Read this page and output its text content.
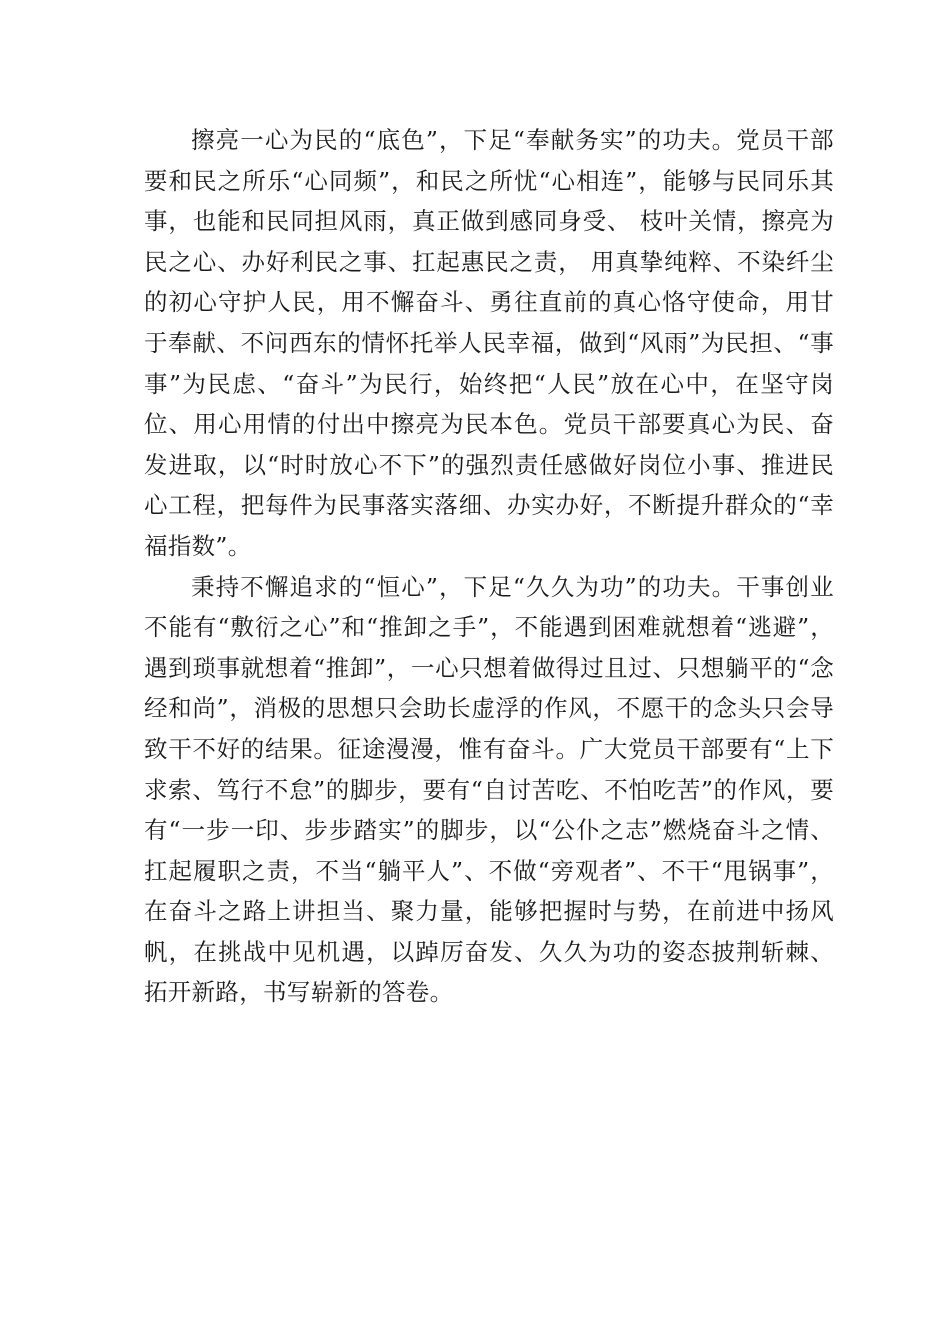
擦亮一心为民的“底色”，下足“奉献务实”的功夫。党员干部要和民之所乐“心同频”，和民之所忧“心相连”，能够与民同乐其事，也能和民同担风雨，真正做到感同身受、 枝叶关情，擦亮为民之心、办好利民之事、扛起惠民之责， 用真挚纯粹、不染纤尘的初心守护人民，用不懈奋斗、勇往直前的真心恪守使命，用甘于奉献、不问西东的情怀托举人民幸福，做到“风雨”为民担、“事事”为民虑、“奋斗”为民行，始终把“人民”放在心中，在坚守岗位、用心用情的付出中擦亮为民本色。党员干部要真心为民、奋发进取，以“时时放心不下”的强烈责任感做好岗位小事、推进民心工程，把每件为民事落实落细、办实办好，不断提升群众的“幸福指数”。

秉持不懈追求的“恒心”，下足“久久为功”的功夫。干事创业不能有“敷衍之心”和“推卸之手”，不能遇到困难就想着“逃避”，遇到琐事就想着“推卸”，一心只想着做得过且过、只想躺平的“念经和尚”，消极的思想只会助长虚浮的作风，不愿干的念头只会导致干不好的结果。征途漫漫，惟有奋斗。广大党员干部要有“上下求索、笃行不怠”的脚步，要有“自讨苦吃、不怕吃苦”的作风，要有“一步一印、步步踏实”的脚步，以“公仆之志”燃烧奋斗之情、扛起履职之责，不当“躺平人”、不做“旁观者”、不干“甩锅事”，在奋斗之路上讲担当、聚力量，能够把握时与势，在前进中扬风帆，在挑战中见机遇，以踔厉奋发、久久为功的姿态披荆斩棘、拓开新路，书写崭新的答卷。
